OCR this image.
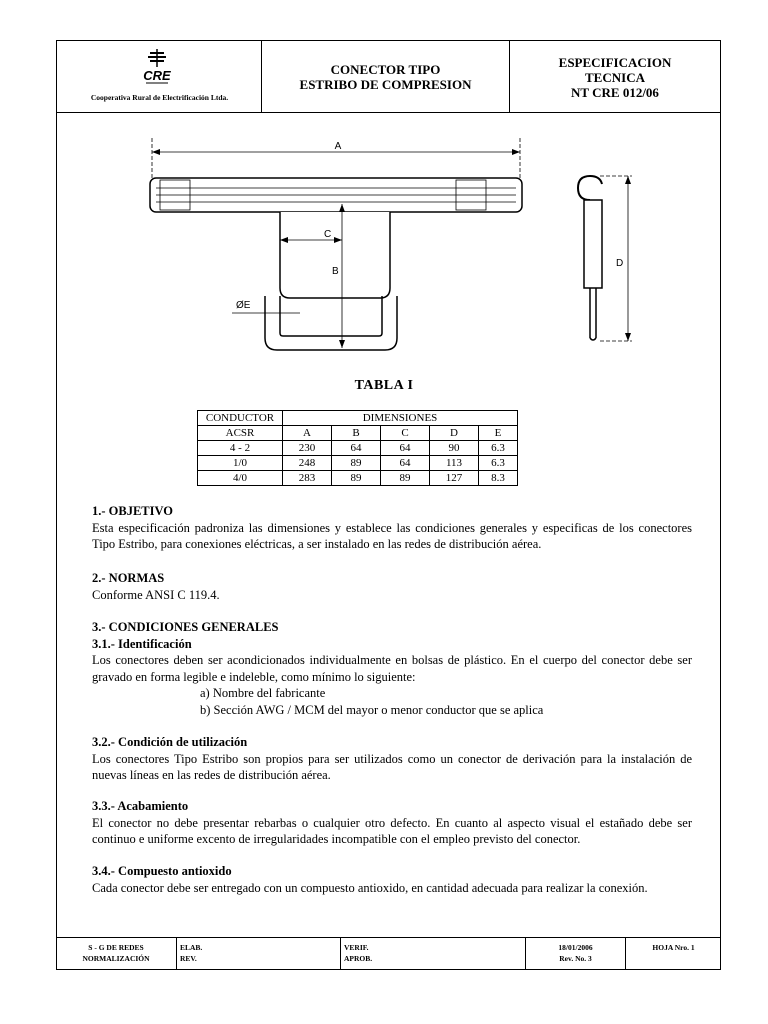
CRE
Cooperativa Rural de Electrificación Ltda.
CONECTOR TIPO
ESTRIBO DE COMPRESION
ESPECIFICACION
TECNICA
NT CRE 012/06
A
C
B
ØE
D
TABLA I
CONDUCTOR	DIMENSIONES				
ACSR	A	B	C	D	E
4 - 2	230	64	64	90	6.3
1/0	248	89	64	113	6.3
4/0	283	89	89	127	8.3

1.- OBJETIVO

Esta especificación padroniza las dimensiones y establece las condiciones generales y especificas de los conectores Tipo Estribo, para conexiones eléctricas, a ser instalado en las redes de distribución aérea.

2.- NORMAS

Conforme ANSI C 119.4.

3.- CONDICIONES GENERALES

3.1.- Identificación

Los conectores deben ser acondicionados individualmente en bolsas de plástico. En el cuerpo del conector debe ser gravado en forma legible e indeleble, como mínimo lo siguiente:

a) Nombre del fabricante

b) Sección AWG / MCM del mayor o menor conductor que se aplica

3.2.- Condición de utilización

Los conectores Tipo Estribo son propios para ser utilizados como un conector de derivación para la instalación de nuevas líneas en las redes de distribución aérea.

3.3.- Acabamiento

El conector no debe presentar rebarbas o cualquier otro defecto. En cuanto al aspecto visual el estañado debe ser continuo e uniforme excento de irregularidades incompatible con el empleo previsto del conector.

3.4.- Compuesto antioxido

Cada conector debe ser entregado con un compuesto antioxido, en cantidad adecuada para realizar la conexión.

S - G DE REDES
NORMALIZACIÓN
ELAB.
REV.
VERIF.
APROB.
18/01/2006
Rev. No. 3
HOJA Nro. 1
